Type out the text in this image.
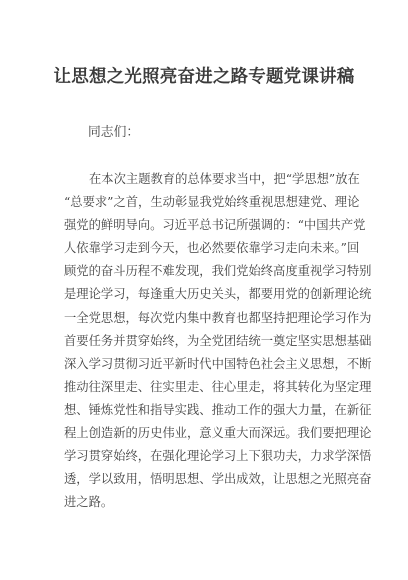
让思想之光照亮奋进之路专题党课讲稿
同志们：
在本次主题教育的总体要求当中，把“学思想”放在
“总要求”之首，生动彰显我党始终重视思想建党、理论
强党的鲜明导向。习近平总书记所强调的：“中国共产党
人依靠学习走到今天，也必然要依靠学习走向未来。”回
顾党的奋斗历程不难发现，我们党始终高度重视学习特别
是理论学习，每逢重大历史关头，都要用党的创新理论统
一全党思想，每次党内集中教育也都坚持把理论学习作为
首要任务并贯穿始终，为全党团结统一奠定坚实思想基础
深入学习贯彻习近平新时代中国特色社会主义思想，不断
推动往深里走、往实里走、往心里走，将其转化为坚定理
想、锤炼党性和指导实践、推动工作的强大力量，在新征
程上创造新的历史伟业，意义重大而深远。我们要把理论
学习贯穿始终，在强化理论学习上下狠功夫，力求学深悟
透，学以致用，悟明思想、学出成效，让思想之光照亮奋
进之路。
